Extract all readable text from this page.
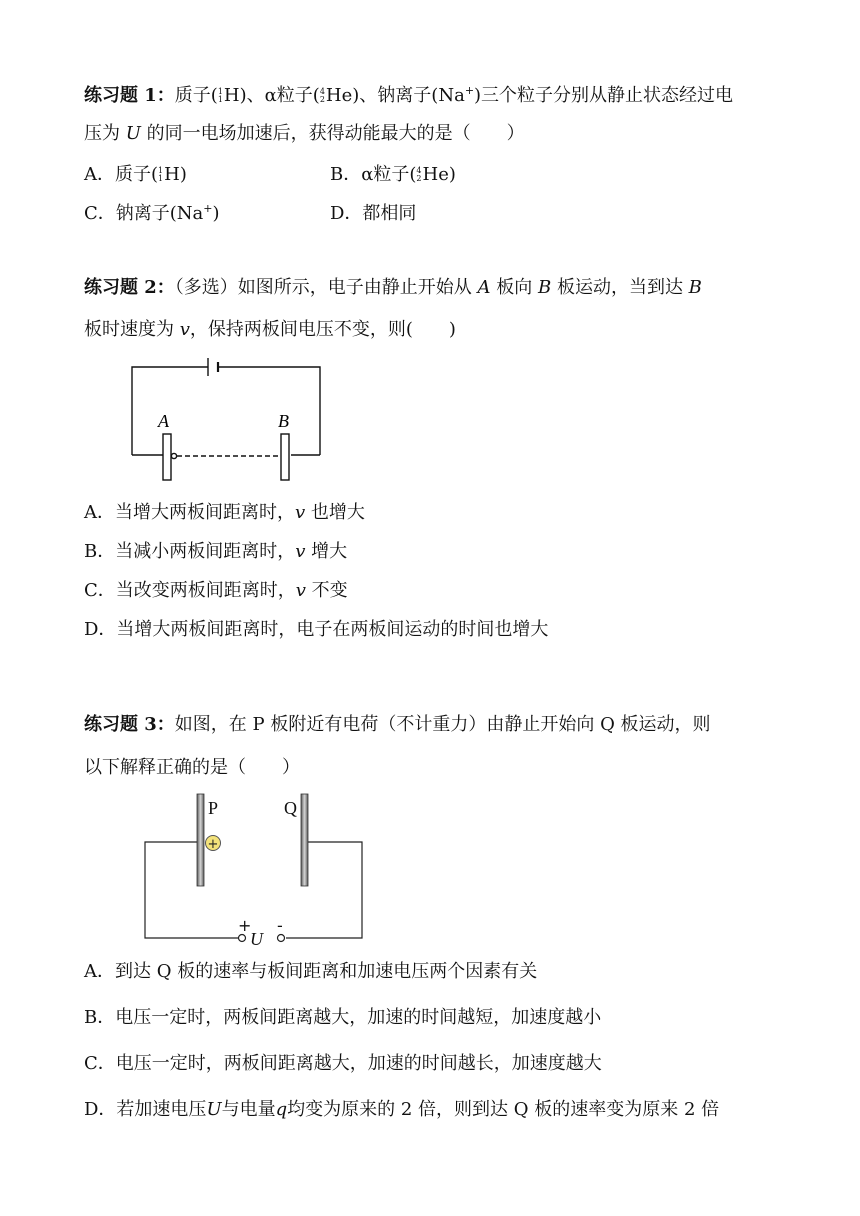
练习题 1：质子( 1
1 H)、α粒子( 4
2 He)、钠离子(Na+)三个粒子分别从静止状态经过电
压为 U 的同一电场加速后，获得动能最大的是（　　）
A．质子( 1
1 H)	B．α粒子( 4
2 He)
C．钠离子(Na+)	D．都相同
练习题 2：（多选）如图所示，电子由静止开始从 A 板向 B 板运动，当到达 B
板时速度为 v，保持两板间电压不变，则(　　)
A	B
A．当增大两板间距离时，v 也增大
B．当减小两板间距离时，v 增大
C．当改变两板间距离时，v 不变
D．当增大两板间距离时，电子在两板间运动的时间也增大
练习题 3：如图，在 P 板附近有电荷（不计重力）由静止开始向 Q 板运动，则
以下解释正确的是（　　）
+
P	Q
+ -
U
A．到达 Q 板的速率与板间距离和加速电压两个因素有关
B．电压一定时，两板间距离越大，加速的时间越短，加速度越小
C．电压一定时，两板间距离越大，加速的时间越长，加速度越大
D．若加速电压U与电量q均变为原来的 2 倍，则到达 Q 板的速率变为原来 2 倍
